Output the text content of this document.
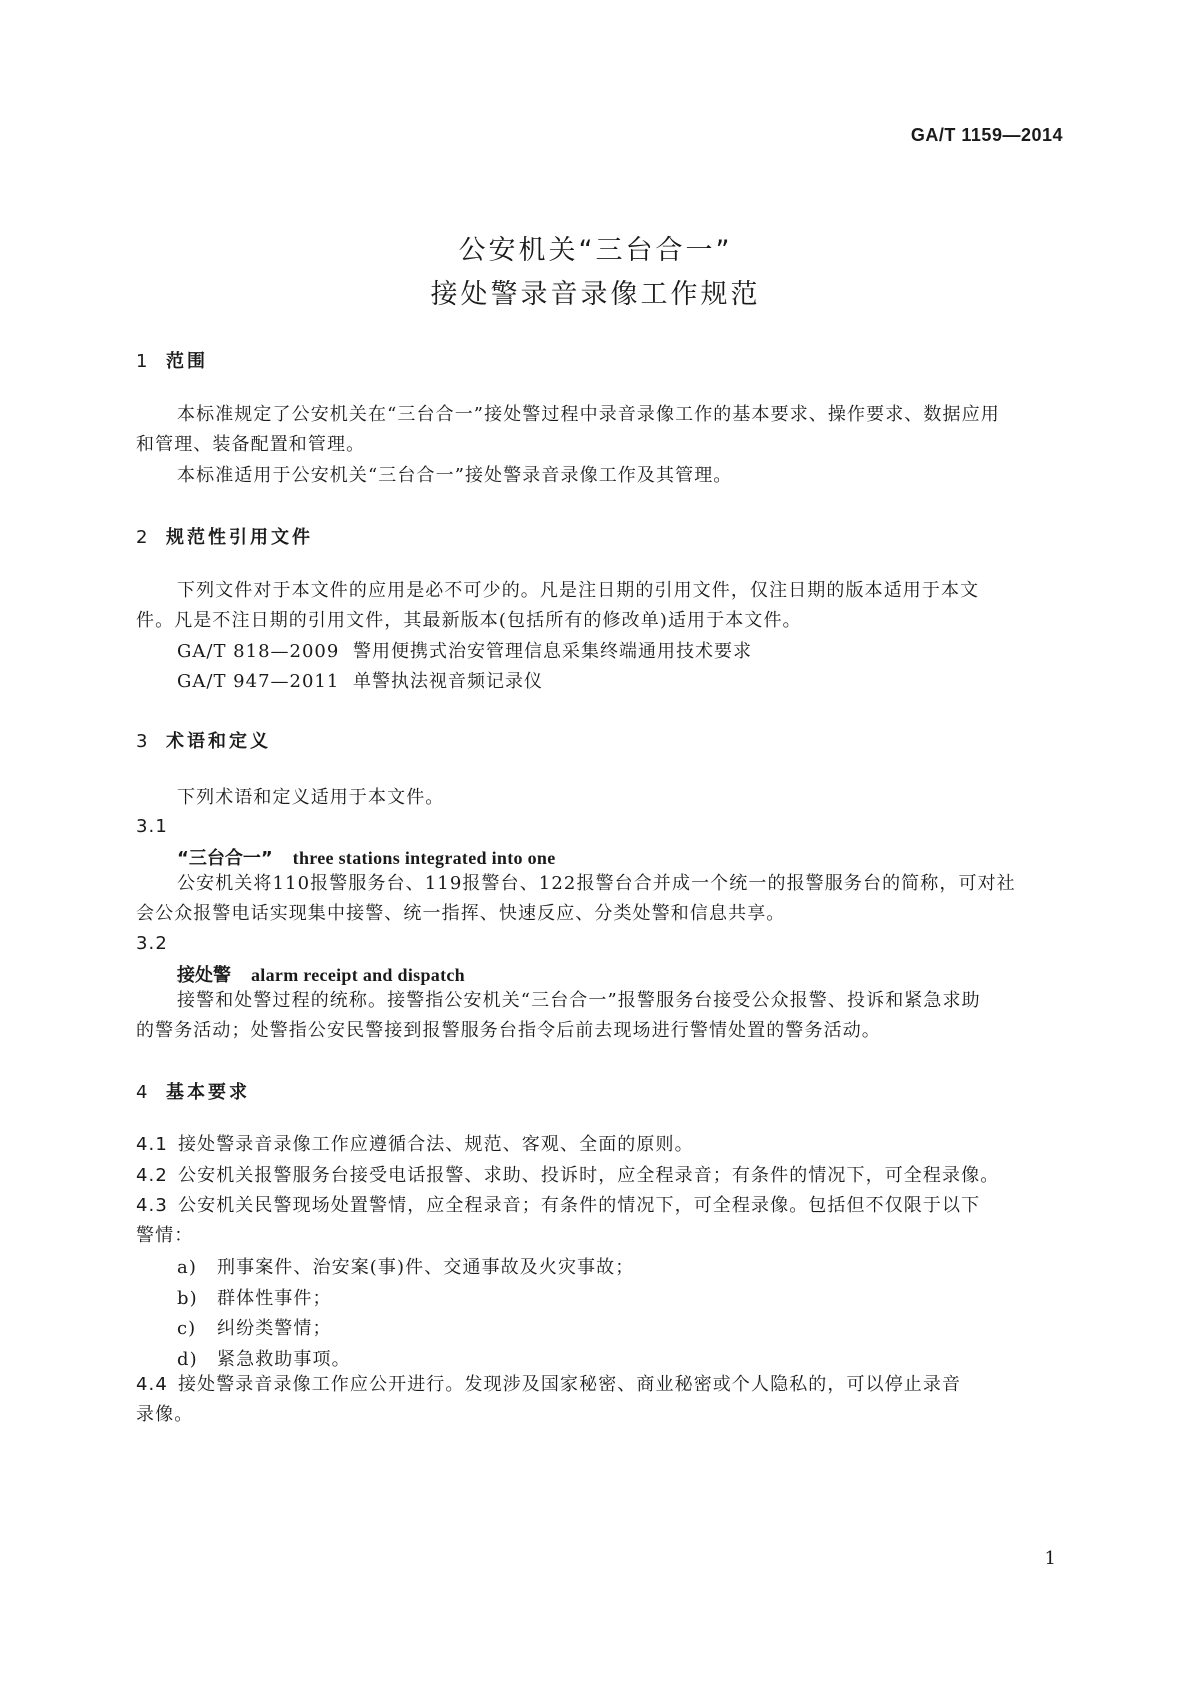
GA/T 1159—2014
公安机关“三台合一”
接处警录音录像工作规范
1 范围
本标准规定了公安机关在“三台合一”接处警过程中录音录像工作的基本要求、操作要求、数据应用
和管理、装备配置和管理。
本标准适用于公安机关“三台合一”接处警录音录像工作及其管理。
2 规范性引用文件
下列文件对于本文件的应用是必不可少的。凡是注日期的引用文件，仅注日期的版本适用于本文
件。凡是不注日期的引用文件，其最新版本(包括所有的修改单)适用于本文件。
GA/T 818—2009 警用便携式治安管理信息采集终端通用技术要求
GA/T 947—2011 单警执法视音频记录仪
3 术语和定义
下列术语和定义适用于本文件。
3.1
“三台合一” three stations integrated into one
公安机关将110报警服务台、119报警台、122报警台合并成一个统一的报警服务台的简称，可对社
会公众报警电话实现集中接警、统一指挥、快速反应、分类处警和信息共享。
3.2
接处警 alarm receipt and dispatch
接警和处警过程的统称。接警指公安机关“三台合一”报警服务台接受公众报警、投诉和紧急求助
的警务活动；处警指公安民警接到报警服务台指令后前去现场进行警情处置的警务活动。
4 基本要求
4.1 接处警录音录像工作应遵循合法、规范、客观、全面的原则。
4.2 公安机关报警服务台接受电话报警、求助、投诉时，应全程录音；有条件的情况下，可全程录像。
4.3 公安机关民警现场处置警情，应全程录音；有条件的情况下，可全程录像。包括但不仅限于以下
警情：
a) 刑事案件、治安案(事)件、交通事故及火灾事故；
b) 群体性事件；
c) 纠纷类警情；
d) 紧急救助事项。
4.4 接处警录音录像工作应公开进行。发现涉及国家秘密、商业秘密或个人隐私的，可以停止录音
录像。
1
